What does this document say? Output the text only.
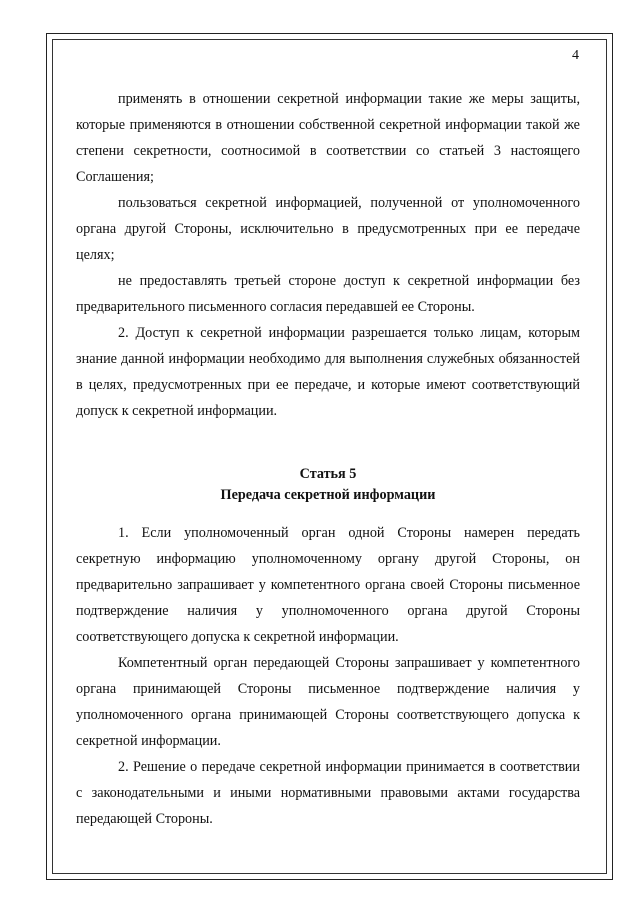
4

применять в отношении секретной информации такие же меры защиты, которые применяются в отношении собственной секретной информации такой же степени секретности, соотносимой в соответствии со статьей 3 настоящего Соглашения;

пользоваться секретной информацией, полученной от уполномоченного органа другой Стороны, исключительно в предусмотренных при ее передаче целях;

не предоставлять третьей стороне доступ к секретной информации без предварительного письменного согласия передавшей ее Стороны.

2. Доступ к секретной информации разрешается только лицам, которым знание данной информации необходимо для выполнения служебных обязанностей в целях, предусмотренных при ее передаче, и которые имеют соответствующий допуск к секретной информации.

Статья 5

Передача секретной информации

1. Если уполномоченный орган одной Стороны намерен передать секретную информацию уполномоченному органу другой Стороны, он предварительно запрашивает у компетентного органа своей Стороны письменное подтверждение наличия у уполномоченного органа другой Стороны соответствующего допуска к секретной информации.

Компетентный орган передающей Стороны запрашивает у компетентного органа принимающей Стороны письменное подтверждение наличия у уполномоченного органа принимающей Стороны соответствующего допуска к секретной информации.

2. Решение о передаче секретной информации принимается в соответствии с законодательными и иными нормативными правовыми актами государства передающей Стороны.
